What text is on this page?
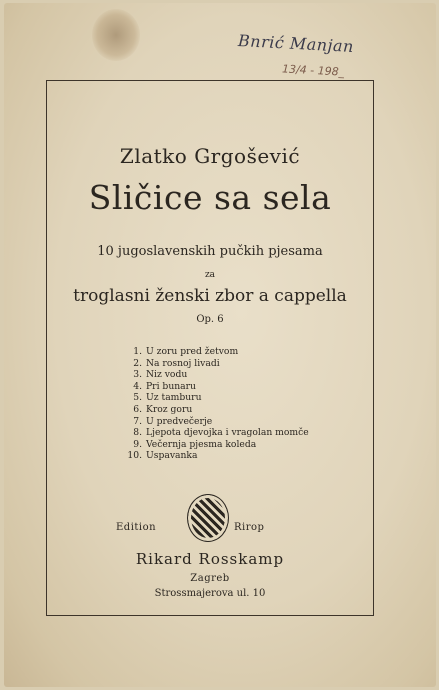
Bnrić Manjan
13/4 - 198_
Zlatko Grgošević
Sličice sa sela
10 jugoslavenskih pučkih pjesama
za
troglasni ženski zbor a cappella
Op. 6
1. U zoru pred žetvom
2. Na rosnoj livadi
3. Niz vodu
4. Pri bunaru
5. Uz tamburu
6. Kroz goru
7. U predvečerje
8. Ljepota djevojka i vragolan momče
9. Večernja pjesma koleda
10. Uspavanka
Edition	Rirop
Rikard Rosskamp
Zagreb
Strossmajerova ul. 10
